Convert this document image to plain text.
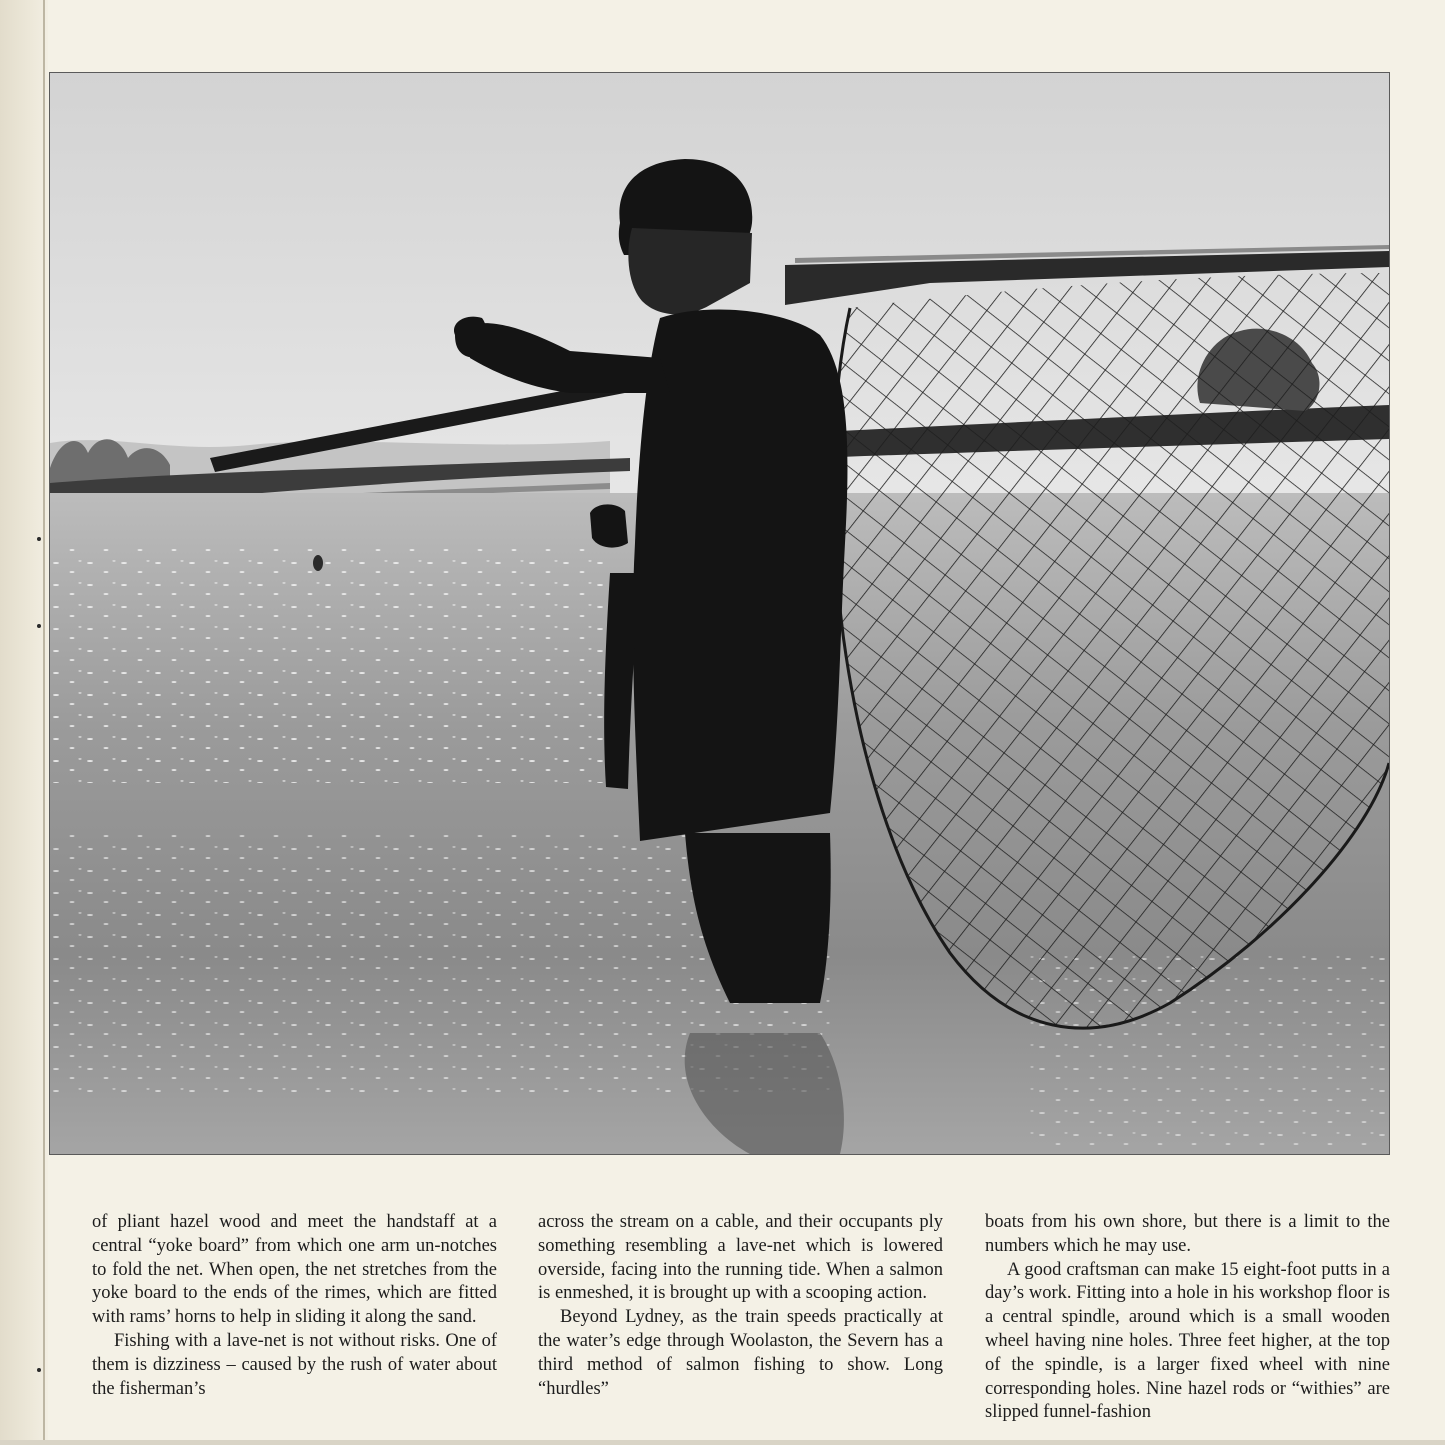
of pliant hazel wood and meet the handstaff at a central “yoke board” from which one arm un-notches to fold the net. When open, the net stretches from the yoke board to the ends of the rimes, which are fitted with rams’ horns to help in sliding it along the sand.

Fishing with a lave-net is not without risks. One of them is dizziness – caused by the rush of water about the fisherman’s

across the stream on a cable, and their occupants ply something resembling a lave-net which is lowered overside, facing into the running tide. When a salmon is enmeshed, it is brought up with a scooping action.

Beyond Lydney, as the train speeds practically at the water’s edge through Woolaston, the Severn has a third method of salmon fishing to show. Long “hurdles”

boats from his own shore, but there is a limit to the numbers which he may use.

A good craftsman can make 15 eight-foot putts in a day’s work. Fitting into a hole in his workshop floor is a central spindle, around which is a small wooden wheel having nine holes. Three feet higher, at the top of the spindle, is a larger fixed wheel with nine corresponding holes. Nine hazel rods or “withies” are slipped funnel-fashion
